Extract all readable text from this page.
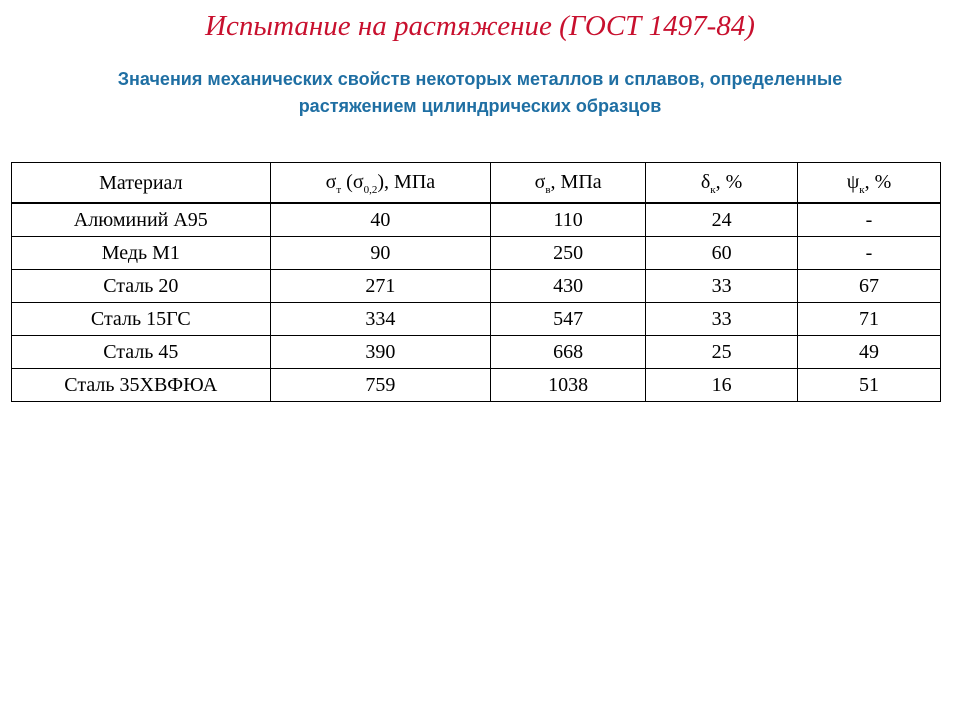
Испытание на растяжение (ГОСТ 1497-84)
Значения механических свойств некоторых металлов и сплавов, определенные
растяжением цилиндрических образцов
Материал	$\sigma_т$ $(\sigma_{0,2})$, МПа	$\sigma_в$, МПа	$\delta_к$, %	$\psi_к$, %
Алюминий А95	40	110	24	-
Медь М1	90	250	60	-
Сталь 20	271	430	33	67
Сталь 15ГС	334	547	33	71
Сталь 45	390	668	25	49
Сталь 35ХВФЮА	759	1038	16	51
